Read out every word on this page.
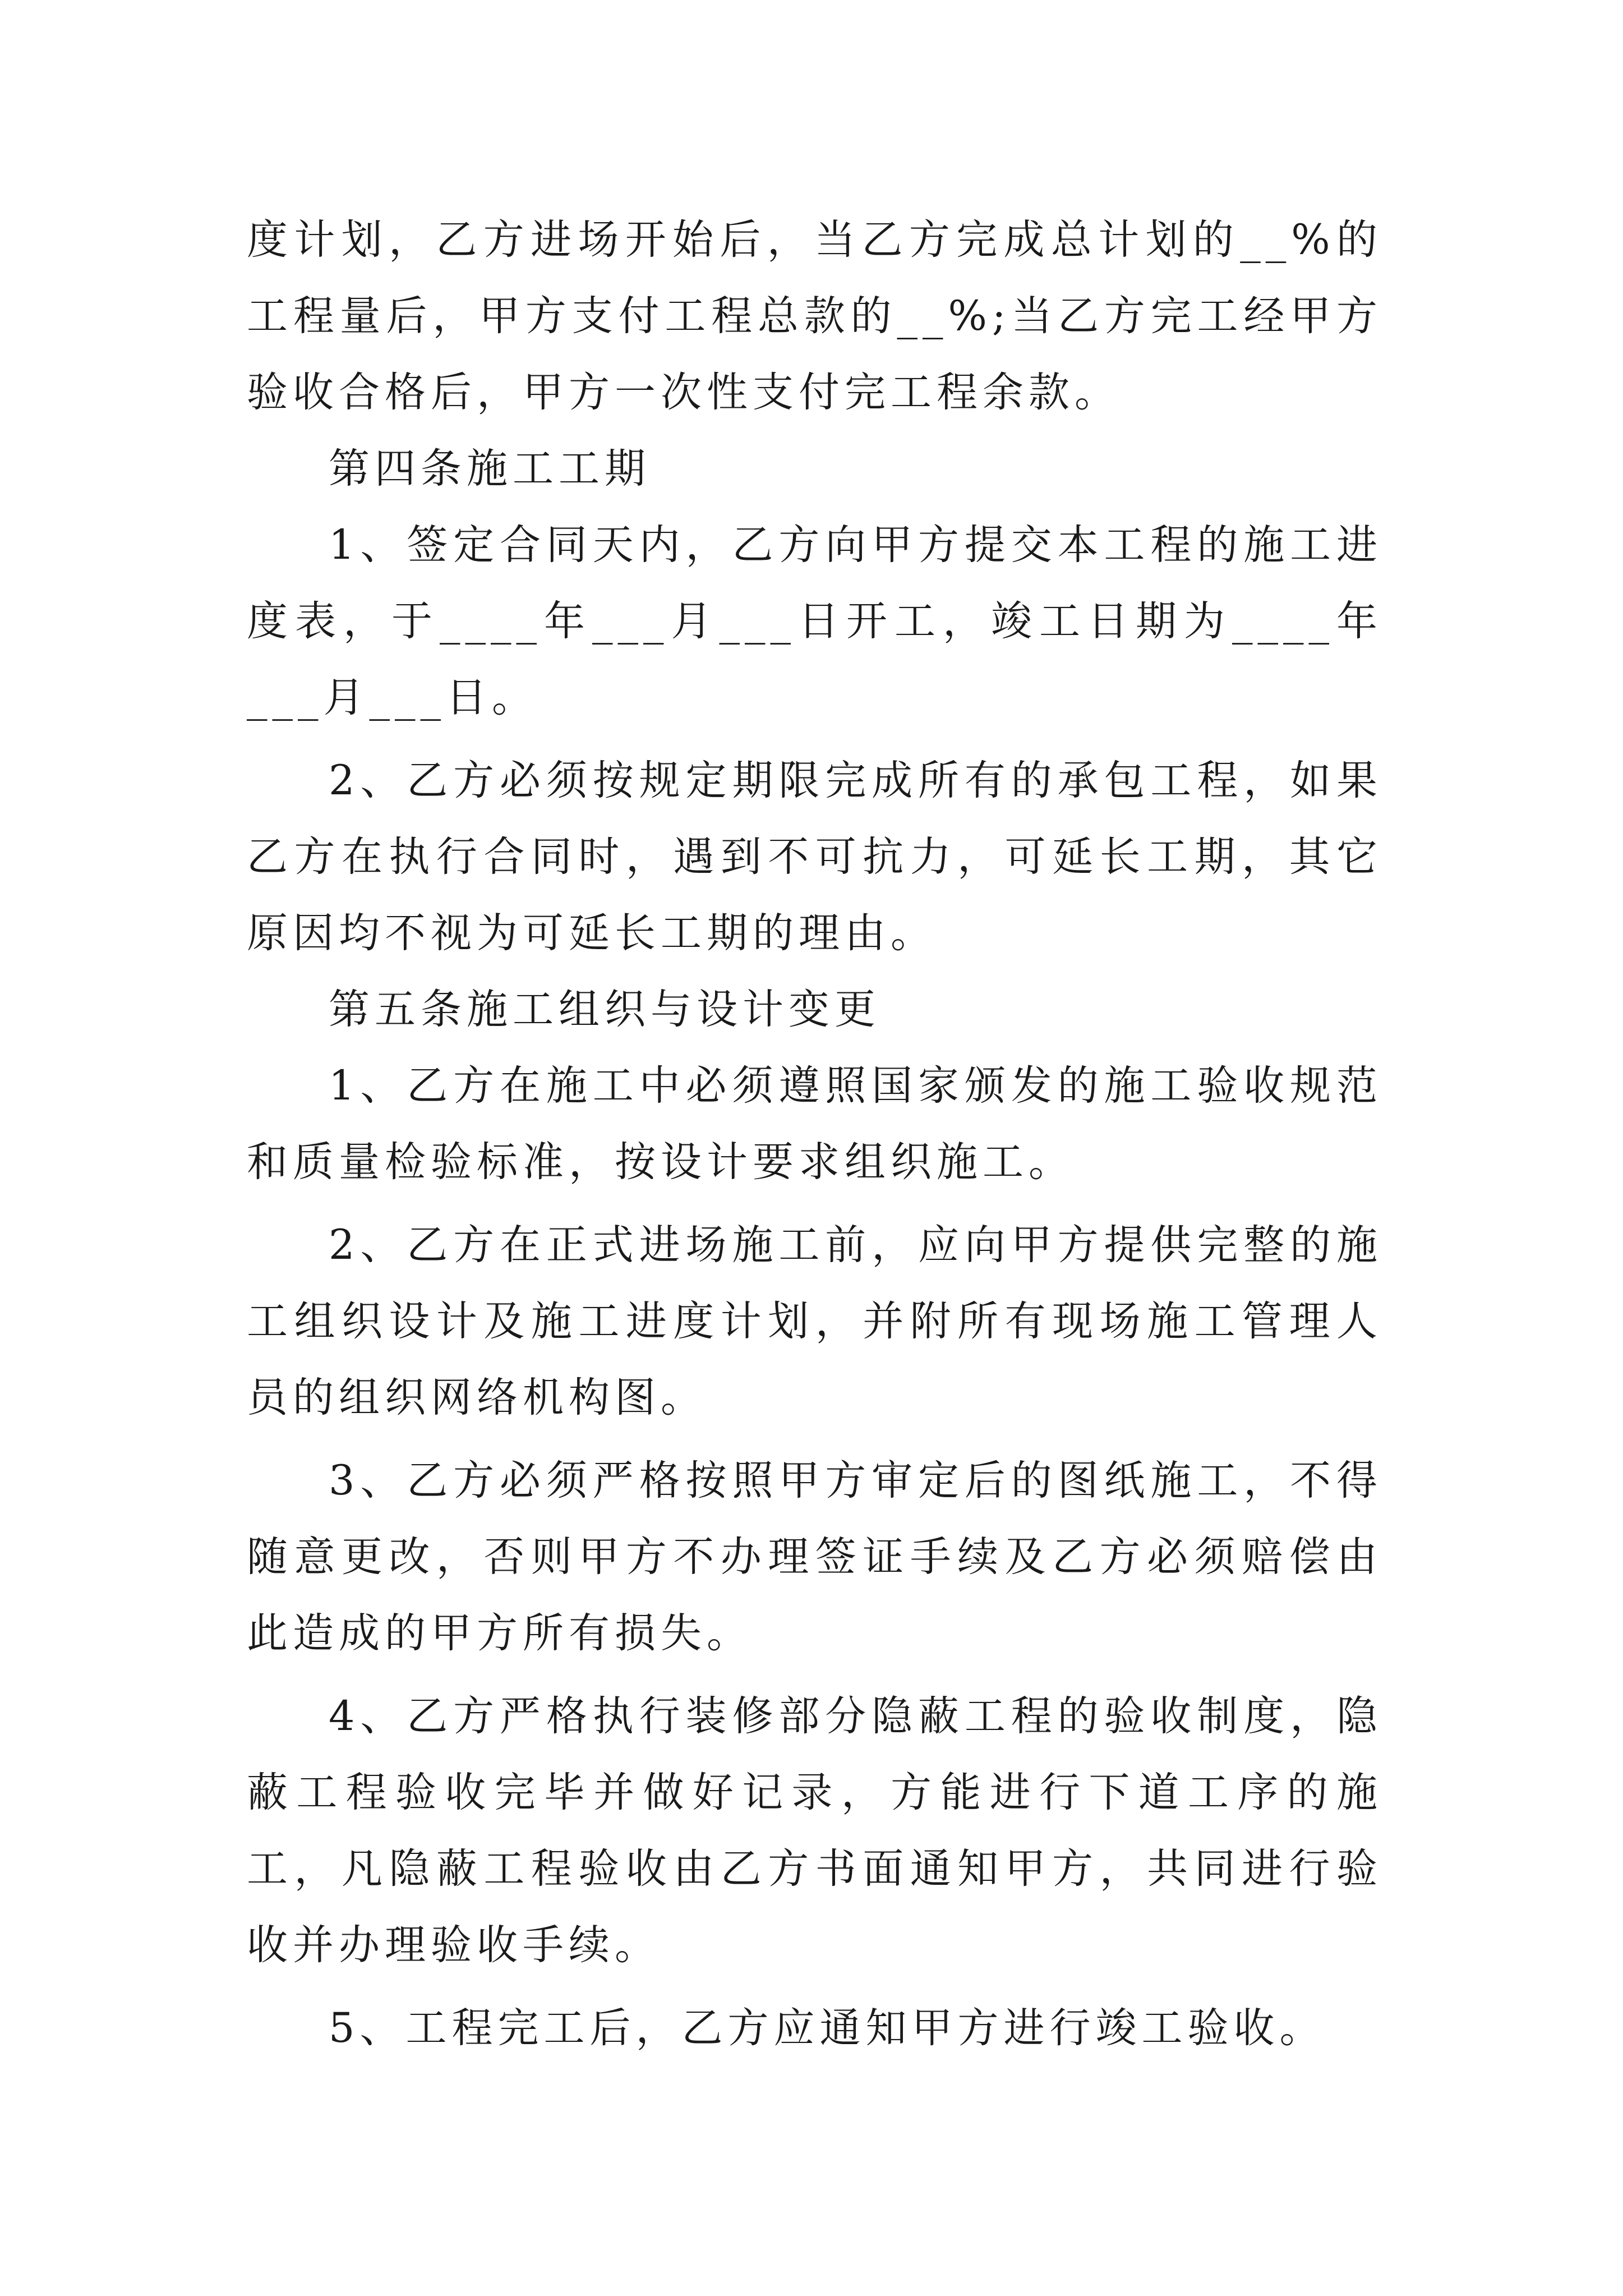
度计划，乙方进场开始后，当乙方完成总计划的__%的工程量后，甲方支付工程总款的__%;当乙方完工经甲方验收合格后，甲方一次性支付完工程余款。

第四条施工工期

1、签定合同天内，乙方向甲方提交本工程的施工进度表，于____年___月___日开工，竣工日期为____年___月___日。

2、乙方必须按规定期限完成所有的承包工程，如果乙方在执行合同时，遇到不可抗力，可延长工期，其它原因均不视为可延长工期的理由。

第五条施工组织与设计变更

1、乙方在施工中必须遵照国家颁发的施工验收规范和质量检验标准，按设计要求组织施工。

2、乙方在正式进场施工前，应向甲方提供完整的施工组织设计及施工进度计划，并附所有现场施工管理人员的组织网络机构图。

3、乙方必须严格按照甲方审定后的图纸施工，不得随意更改，否则甲方不办理签证手续及乙方必须赔偿由此造成的甲方所有损失。

4、乙方严格执行装修部分隐蔽工程的验收制度，隐蔽工程验收完毕并做好记录，方能进行下道工序的施工，凡隐蔽工程验收由乙方书面通知甲方，共同进行验收并办理验收手续。

5、工程完工后，乙方应通知甲方进行竣工验收。
